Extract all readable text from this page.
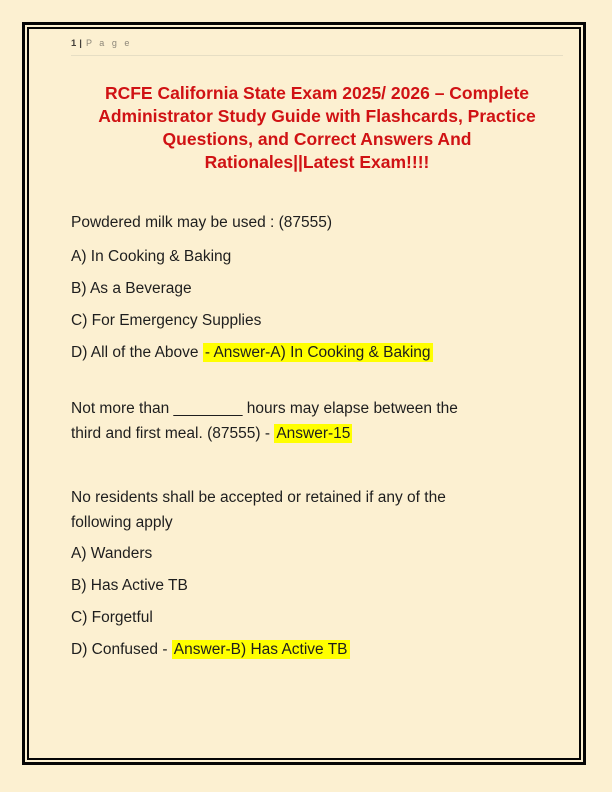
1 | P a g e
RCFE California State Exam 2025/ 2026 – Complete
Administrator Study Guide with Flashcards, Practice
Questions, and Correct Answers And
Rationales||Latest Exam!!!!

Powdered milk may be used : (87555)

A) In Cooking & Baking

B) As a Beverage

C) For Emergency Supplies

D) All of the Above - Answer-A) In Cooking & Baking

Not more than ________ hours may elapse between the
third and first meal. (87555) - Answer-15

No residents shall be accepted or retained if any of the
following apply

A) Wanders

B) Has Active TB

C) Forgetful

D) Confused - Answer-B) Has Active TB
